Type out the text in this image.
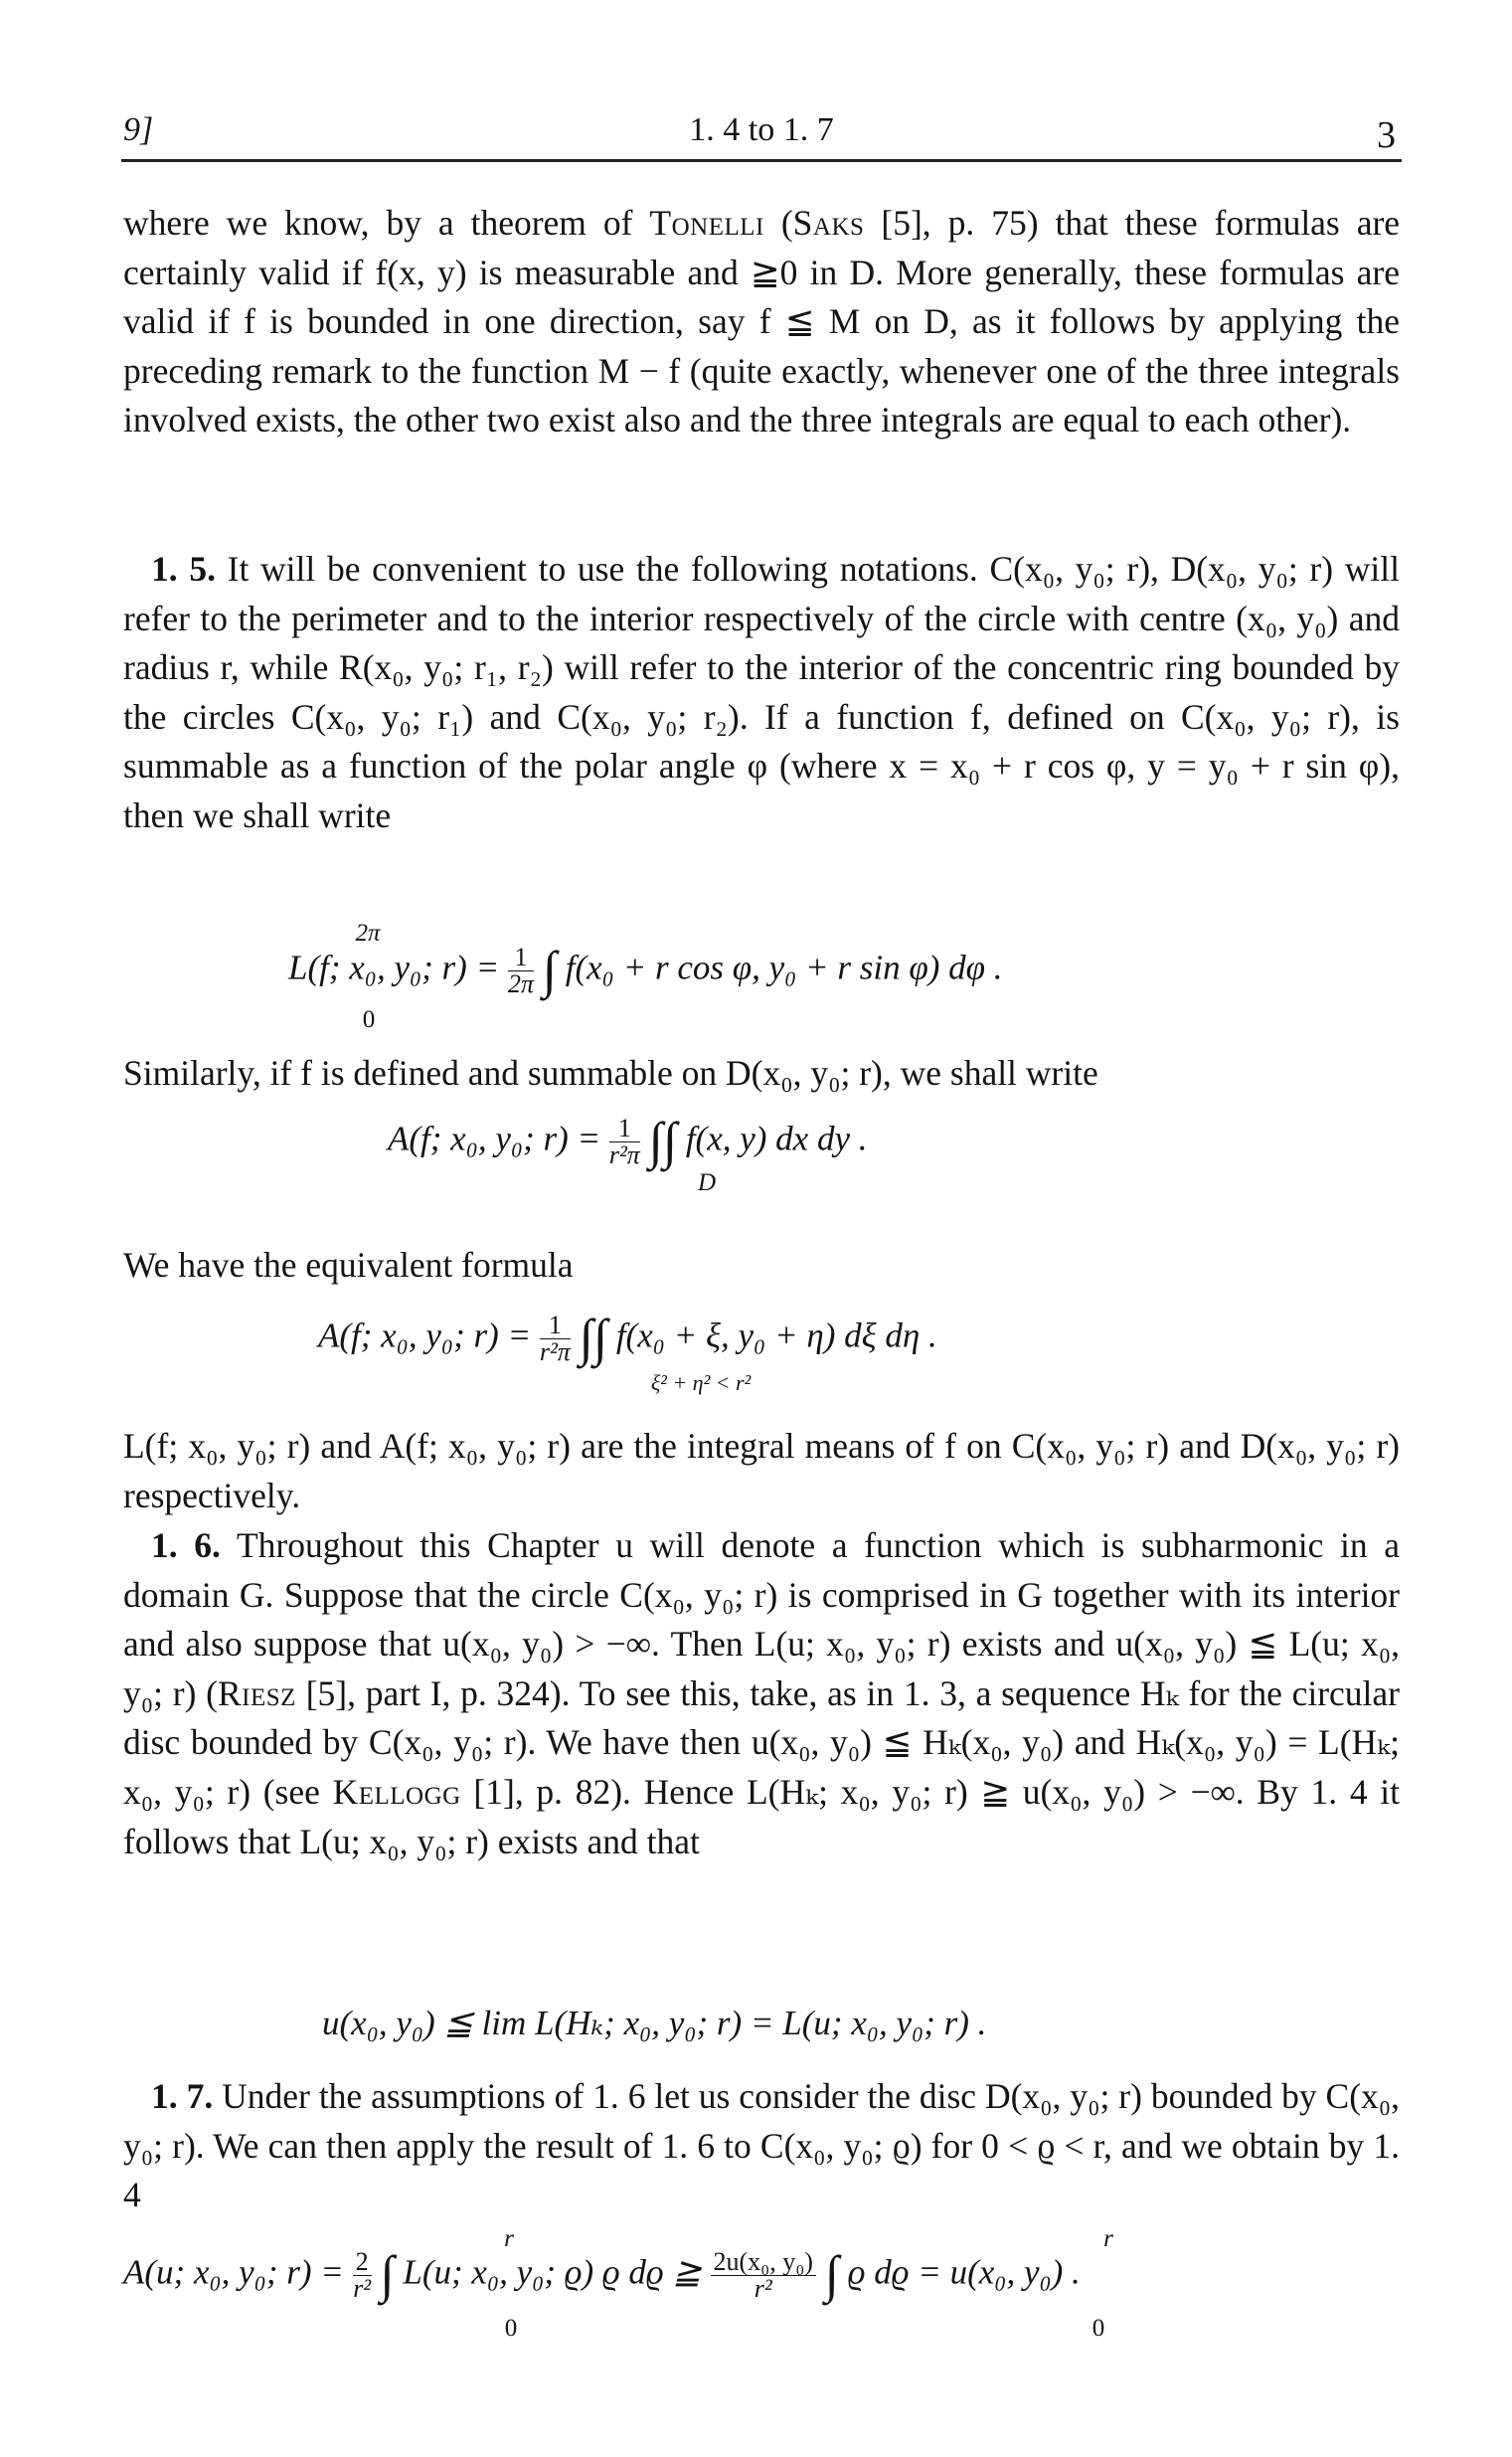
9]	1. 4 to 1. 7	3
where we know, by a theorem of Tonelli (Saks [5], p. 75) that these formulas are certainly valid if f(x, y) is measurable and ≧0 in D. More generally, these formulas are valid if f is bounded in one direction, say f ≦ M on D, as it follows by applying the preceding remark to the function M − f (quite exactly, whenever one of the three integrals involved exists, the other two exist also and the three integrals are equal to each other).
1. 5. It will be convenient to use the following notations. C(x₀, y₀; r), D(x₀, y₀; r) will refer to the perimeter and to the interior respectively of the circle with centre (x₀, y₀) and radius r, while R(x₀, y₀; r₁, r₂) will refer to the interior of the concentric ring bounded by the circles C(x₀, y₀; r₁) and C(x₀, y₀; r₂). If a function f, defined on C(x₀, y₀; r), is summable as a function of the polar angle φ (where x = x₀ + r cos φ, y = y₀ + r sin φ), then we shall write
2π
L(f; x₀, y₀; $r) = \frac{1}{2\pi}$ ∫ f(x₀ + r cos φ, y₀ + r sin φ) dφ .
0
Similarly, if f is defined and summable on D(x₀, y₀; r), we shall write
A(f; x₀, y₀; $r) = \frac{1}{\text{r²π}}$ ∫∫ f(x, y) dx dy .
D
We have the equivalent formula
A(f; x₀, y₀; $r) = \frac{1}{\text{r²π}}$ ∫∫ f(x₀ + ξ, y₀ + η) dξ dη .
ξ² + η² < r²
L(f; x₀, y₀; r) and A(f; x₀, y₀; r) are the integral means of f on C(x₀, y₀; r) and D(x₀, y₀; r) respectively.
1. 6. Throughout this Chapter u will denote a function which is subharmonic in a domain G. Suppose that the circle C(x₀, y₀; r) is comprised in G together with its interior and also suppose that u(x₀, y₀) > −∞. Then L(u; x₀, y₀; r) exists and u(x₀, y₀) ≦ L(u; x₀, y₀; r) (Riesz [5], part I, p. 324). To see this, take, as in 1. 3, a sequence Hₖ for the circular disc bounded by C(x₀, y₀; r). We have then u(x₀, y₀) ≦ Hₖ(x₀, y₀) and Hₖ(x₀, y₀) = L(Hₖ; x₀, y₀; r) (see Kellogg [1], p. 82). Hence L(Hₖ; x₀, y₀; r) ≧ u(x₀, y₀) > −∞. By 1. 4 it follows that L(u; x₀, y₀; r) exists and that
u(x₀, y₀) ≦ lim L(Hₖ; x₀, y₀; r) = L(u; x₀, y₀; r) .
1. 7. Under the assumptions of 1. 6 let us consider the disc D(x₀, y₀; r) bounded by C(x₀, y₀; r). We can then apply the result of 1. 6 to C(x₀, y₀; ϱ) for 0 < ϱ < r, and we obtain by 1. 4
r	r
A(u; x₀, y₀; $r) = \frac{2}{\text{r²}}$ ∫ L(u; x₀, y₀; ϱ) ϱ dϱ ≧ $\frac{\text{2u(x₀, y₀)}}{\text{r²}}$ ∫ ϱ dϱ = u(x₀, y₀) .
0	0
